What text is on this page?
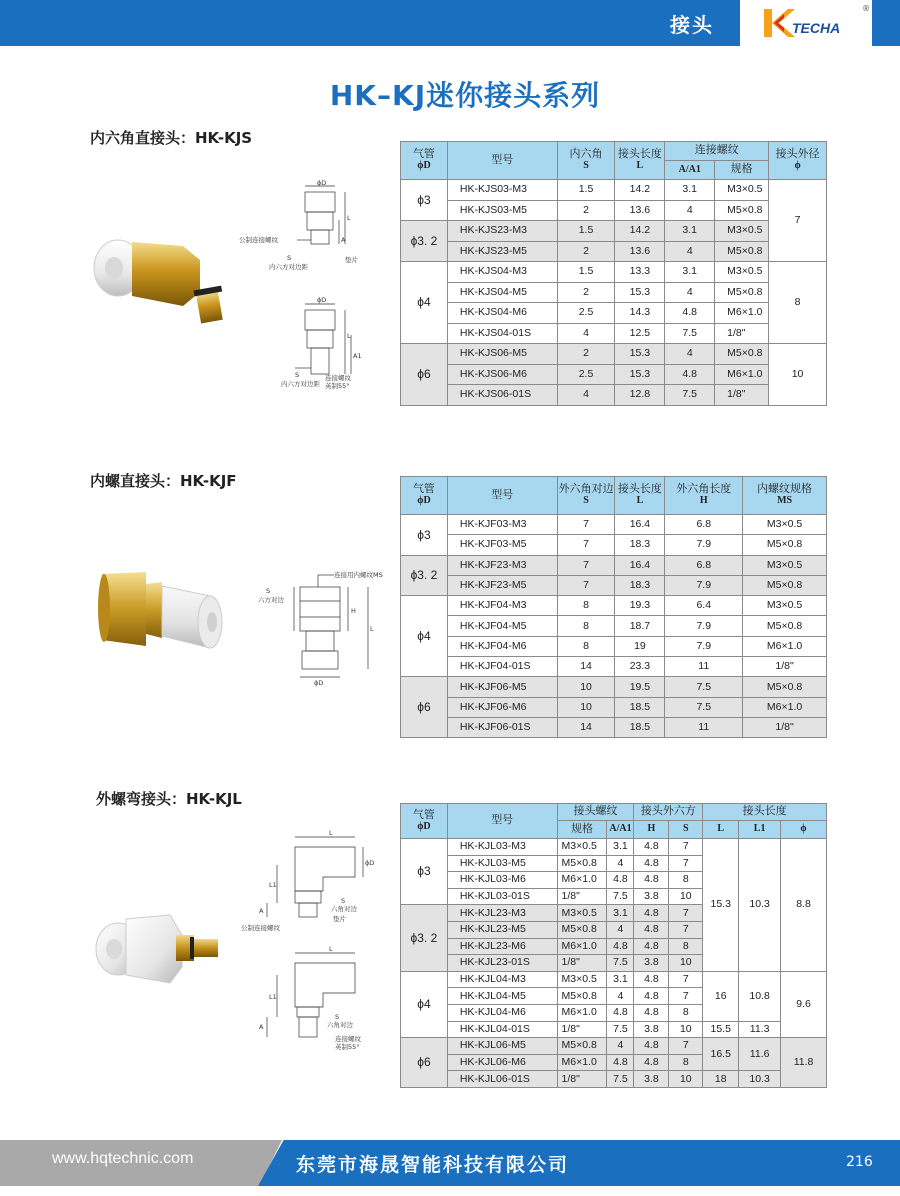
接头	TECHA
®
HK–KJ迷你接头系列
内六角直接头：HK-KJS
ϕD
L
A
公制连接螺纹
S
内六方对边距
垫片
ϕD
L
A1
S
内六方对边距
连接螺纹
英制55°
气管
ϕD	型号	内六角
S	接头长度
L	连接螺纹		接头外径
ϕ

				A/A1	规格	
ϕ3	HK-KJS03-M3	1.5	14.2	3.1	M3×0.5	7
	HK-KJS03-M5	2	13.6	4	M5×0.8	
ϕ3. 2	HK-KJS23-M3	1.5	14.2	3.1	M3×0.5	
	HK-KJS23-M5	2	13.6	4	M5×0.8	
ϕ4	HK-KJS04-M3	1.5	13.3	3.1	M3×0.5	8
	HK-KJS04-M5	2	15.3	4	M5×0.8	
	HK-KJS04-M6	2.5	14.3	4.8	M6×1.0	
	HK-KJS04-01S	4	12.5	7.5	1/8"	
ϕ6	HK-KJS06-M5	2	15.3	4	M5×0.8	10
	HK-KJS06-M6	2.5	15.3	4.8	M6×1.0	
	HK-KJS06-01S	4	12.8	7.5	1/8"	
内螺直接头：HK-KJF
连接用内螺纹MS
S
六方对边
H
L
ϕD
气管
ϕD	型号	外六角对边
S	接头长度
L	外六角长度
H	内螺纹规格
MS

ϕ3	HK-KJF03-M3	7	16.4	6.8	M3×0.5
	HK-KJF03-M5	7	18.3	7.9	M5×0.8
ϕ3. 2	HK-KJF23-M3	7	16.4	6.8	M3×0.5
	HK-KJF23-M5	7	18.3	7.9	M5×0.8
ϕ4	HK-KJF04-M3	8	19.3	6.4	M3×0.5
	HK-KJF04-M5	8	18.7	7.9	M5×0.8
	HK-KJF04-M6	8	19	7.9	M6×1.0
	HK-KJF04-01S	14	23.3	11	1/8"
ϕ6	HK-KJF06-M5	10	19.5	7.5	M5×0.8
	HK-KJF06-M6	10	18.5	7.5	M6×1.0
	HK-KJF06-01S	14	18.5	11	1/8"
外螺弯接头：HK-KJL
L
ϕD
L1
A
S
六角对边
垫片
公制连接螺纹
L
L1
A
S
六角对边
连接螺纹
英制55°
气管
ϕD	型号	接头螺纹		接头外六方		接头长度		
		规格	A/A1	H	S	L	L1	ϕ

ϕ3	HK-KJL03-M3	M3×0.5	3.1	4.8	7	15.3	10.3	8.8
	HK-KJL03-M5	M5×0.8	4	4.8	7			
	HK-KJL03-M6	M6×1.0	4.8	4.8	8			
	HK-KJL03-01S	1/8"	7.5	3.8	10			
ϕ3. 2	HK-KJL23-M3	M3×0.5	3.1	4.8	7			
	HK-KJL23-M5	M5×0.8	4	4.8	7			
	HK-KJL23-M6	M6×1.0	4.8	4.8	8			
	HK-KJL23-01S	1/8"	7.5	3.8	10			
ϕ4	HK-KJL04-M3	M3×0.5	3.1	4.8	7	16	10.8	9.6
	HK-KJL04-M5	M5×0.8	4	4.8	7			
	HK-KJL04-M6	M6×1.0	4.8	4.8	8			
	HK-KJL04-01S	1/8"	7.5	3.8	10	15.5	11.3	
ϕ6	HK-KJL06-M5	M5×0.8	4	4.8	7	16.5	11.6	11.8
	HK-KJL06-M6	M6×1.0	4.8	4.8	8			
	HK-KJL06-01S	1/8"	7.5	3.8	10	18	10.3	
www.hqtechnic.com	东莞市海晟智能科技有限公司	216
